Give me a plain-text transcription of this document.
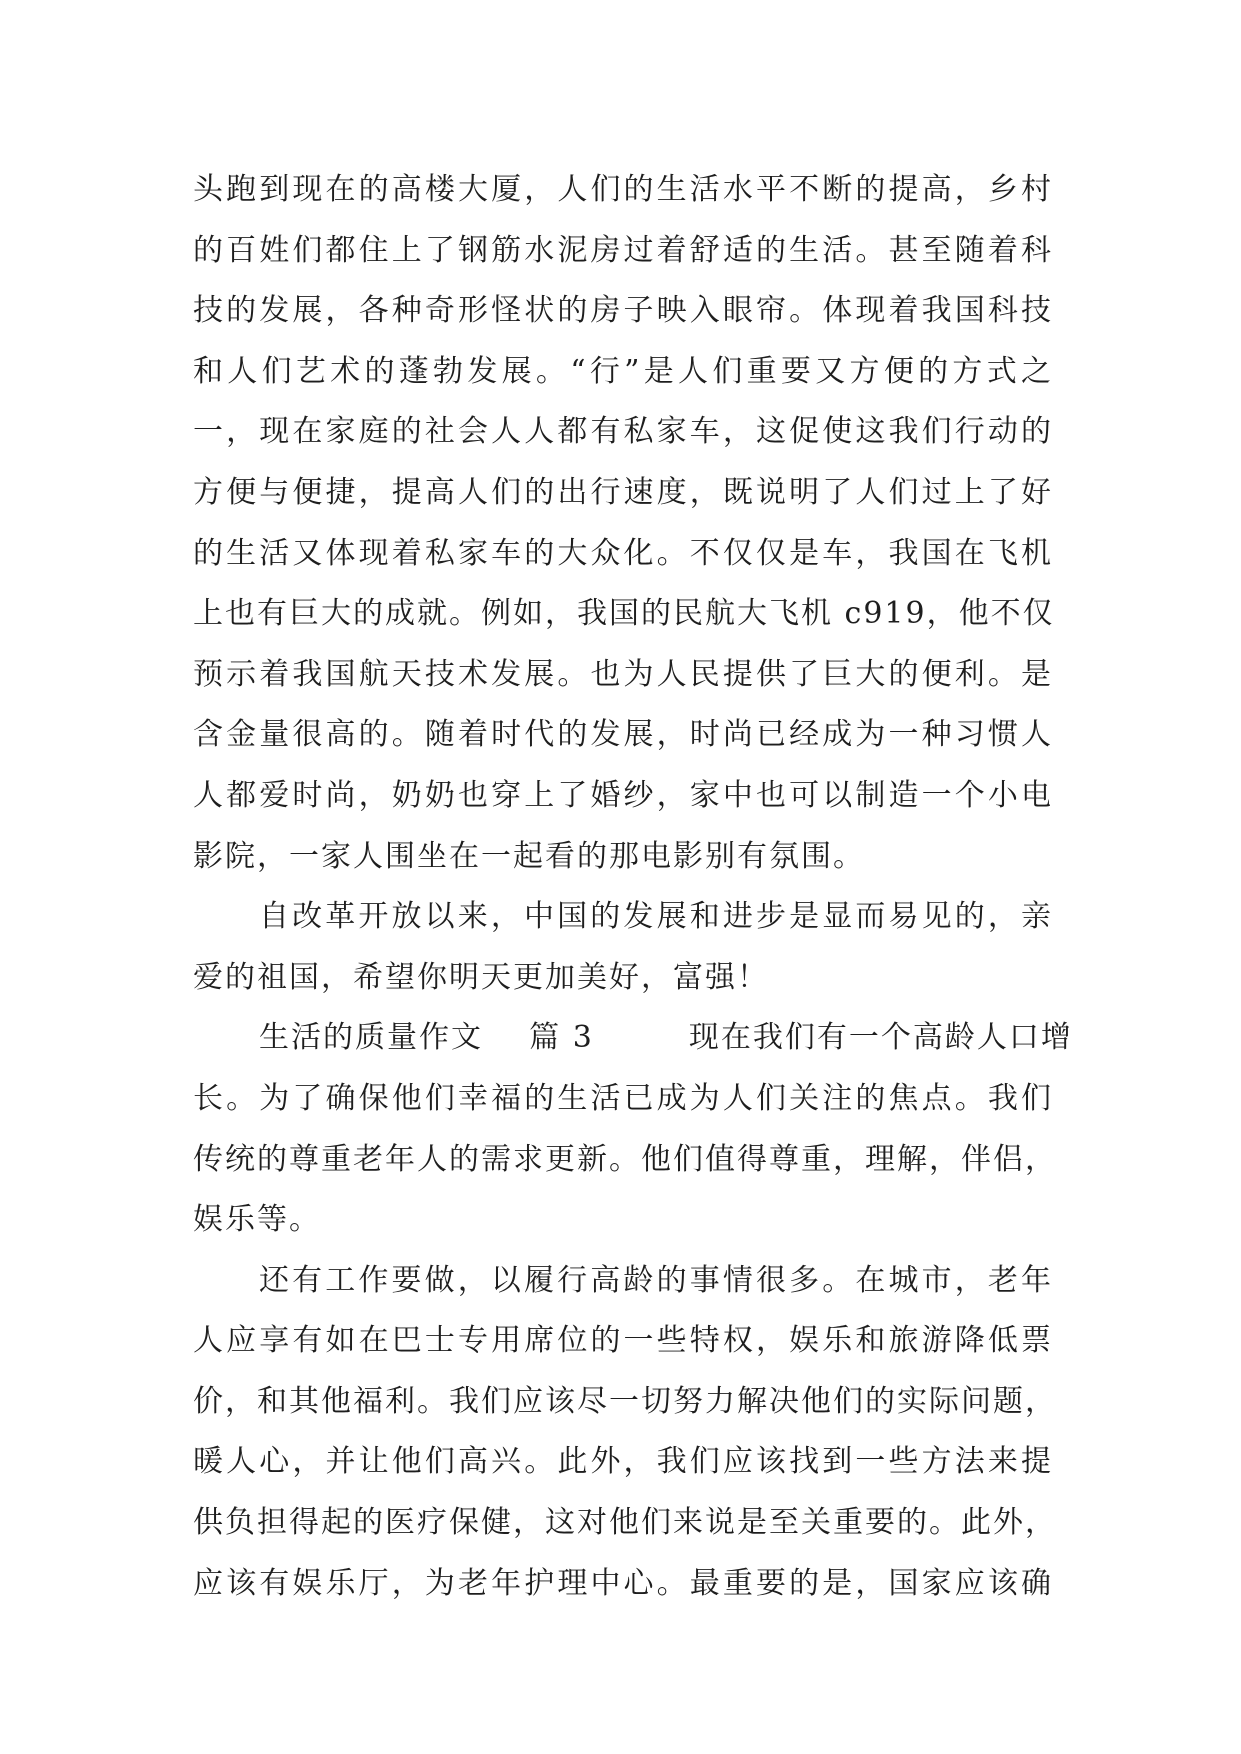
头跑到现在的高楼大厦，人们的生活水平不断的提高，乡村
的百姓们都住上了钢筋水泥房过着舒适的生活。甚至随着科
技的发展，各种奇形怪状的房子映入眼帘。体现着我国科技
和人们艺术的蓬勃发展。“行”是人们重要又方便的方式之
一，现在家庭的社会人人都有私家车，这促使这我们行动的
方便与便捷，提高人们的出行速度，既说明了人们过上了好
的生活又体现着私家车的大众化。不仅仅是车，我国在飞机
上也有巨大的成就。例如，我国的民航大飞机 c919，他不仅
预示着我国航天技术发展。也为人民提供了巨大的便利。是
含金量很高的。随着时代的发展，时尚已经成为一种习惯人
人都爱时尚，奶奶也穿上了婚纱，家中也可以制造一个小电
影院，一家人围坐在一起看的那电影别有氛围。
自改革开放以来，中国的发展和进步是显而易见的，亲
爱的祖国，希望你明天更加美好，富强！
生活的质量作文 篇 3	现在我们有一个高龄人口增
长。为了确保他们幸福的生活已成为人们关注的焦点。我们
传统的尊重老年人的需求更新。他们值得尊重，理解，伴侣，
娱乐等。
还有工作要做，以履行高龄的事情很多。在城市，老年
人应享有如在巴士专用席位的一些特权，娱乐和旅游降低票
价，和其他福利。我们应该尽一切努力解决他们的实际问题，
暖人心，并让他们高兴。此外，我们应该找到一些方法来提
供负担得起的医疗保健，这对他们来说是至关重要的。此外，
应该有娱乐厅，为老年护理中心。最重要的是，国家应该确
